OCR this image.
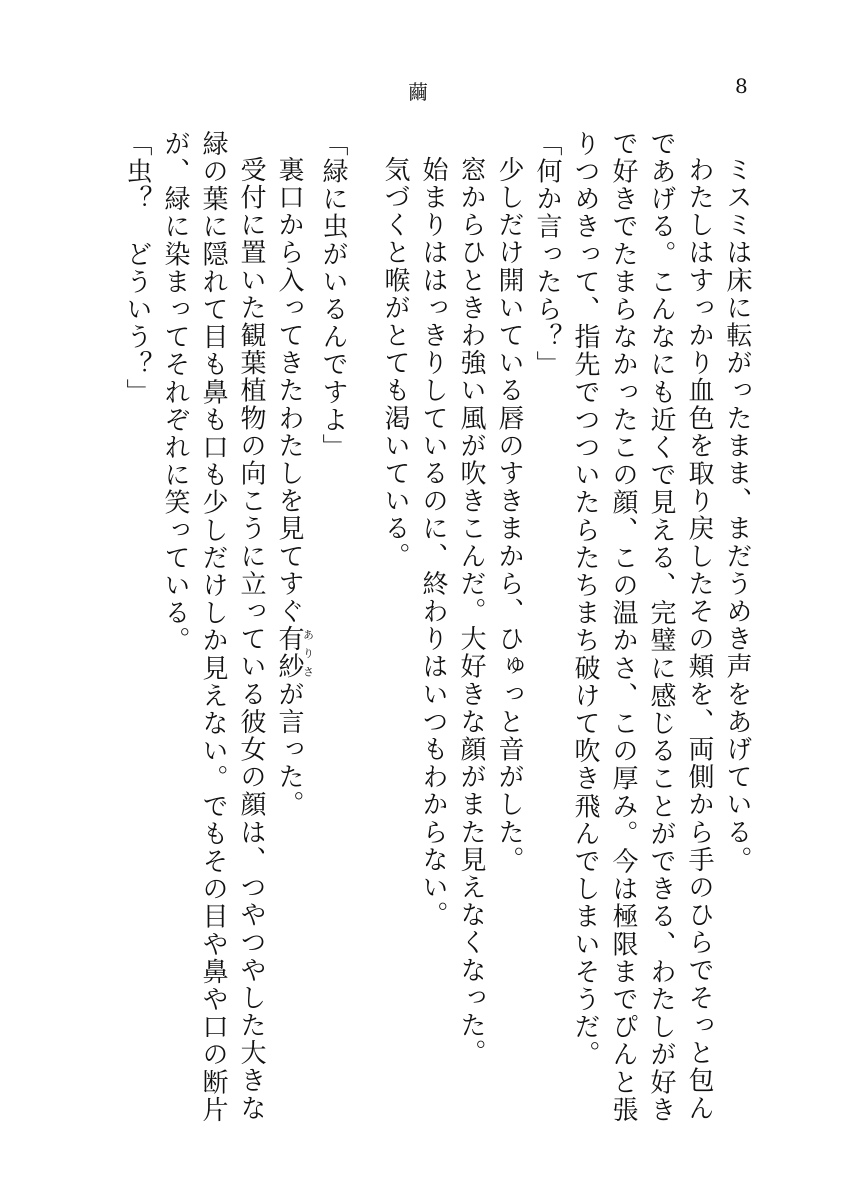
繭	8

ミスミは床に転がったまま、まだうめき声をあげている。

わたしはすっかり血色を取り戻したその頬を、両側から手のひらでそっと包んであげる。こんなにも近くで見える、完璧に感じることができる、わたしが好きで好きでたまらなかったこの顔、この温かさ、この厚み。今は極限までぴんと張りつめきって、指先でつついたらたちまち破けて吹き飛んでしまいそうだ。

「何か言ったら？」

少しだけ開いている唇のすきまから、ひゅっと音がした。

窓からひときわ強い風が吹きこんだ。大好きな顔がまた見えなくなった。

始まりははっきりしているのに、終わりはいつもわからない。

気づくと喉がとても渇いている。

「緑に虫がいるんですよ」

裏口から入ってきたわたしを見てすぐ有紗ありさが言った。

受付に置いた観葉植物の向こうに立っている彼女の顔は、つやつやした大きな緑の葉に隠れて目も鼻も口も少しだけしか見えない。でもその目や鼻や口の断片が、緑に染まってそれぞれに笑っている。

「虫？　どういう？」
